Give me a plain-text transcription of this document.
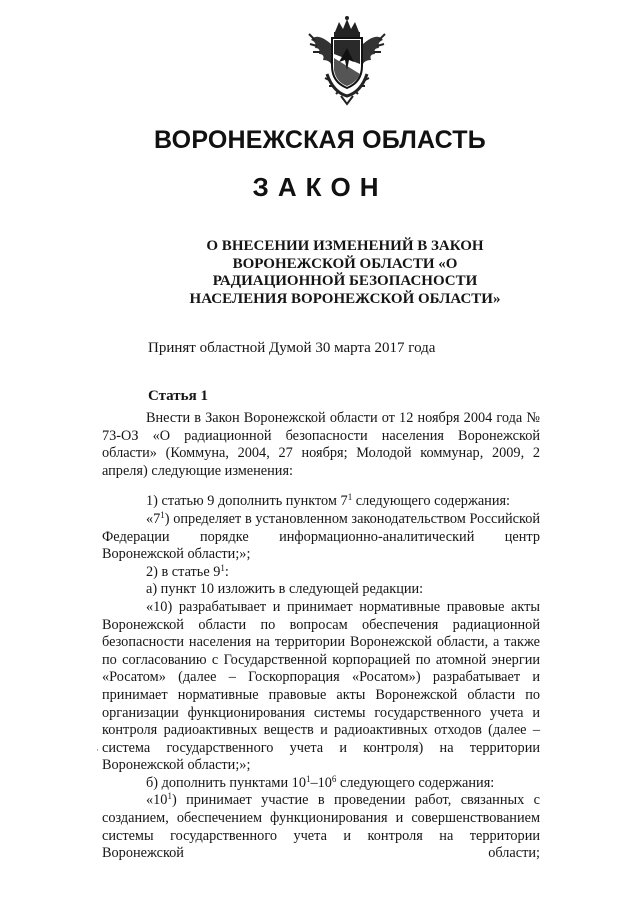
ВОРОНЕЖСКАЯ ОБЛАСТЬ
ЗАКОН
О ВНЕСЕНИИ ИЗМЕНЕНИЙ В ЗАКОН
ВОРОНЕЖСКОЙ ОБЛАСТИ «О
РАДИАЦИОННОЙ БЕЗОПАСНОСТИ
НАСЕЛЕНИЯ ВОРОНЕЖСКОЙ ОБЛАСТИ»
Принят областной Думой 30 марта 2017 года
Статья 1

Внести в Закон Воронежской области от 12 ноября 2004 года № 73-ОЗ «О радиационной безопасности населения Воронежской области» (Коммуна, 2004, 27 ноября; Молодой коммунар, 2009, 2 апреля) следующие изменения:

1) статью 9 дополнить пунктом $7^1$ следующего содержания:

«$7^1$) определяет в установленном законодательством Российской Федерации порядке информационно-аналитический центр Воронежской области;»;

2) в статье $9^1$:

а) пункт 10 изложить в следующей редакции:

«10) разрабатывает и принимает нормативные правовые акты Воронежской области по вопросам обеспечения радиационной безопасности населения на территории Воронежской области, а также по согласованию с Государственной корпорацией по атомной энергии «Росатом» (далее – Госкорпорация «Росатом») разрабатывает и принимает нормативные правовые акты Воронежской области по организации функционирования системы государственного учета и контроля радиоактивных веществ и радиоактивных отходов (далее – система государственного учета и контроля) на территории Воронежской области;»;

б) дополнить пунктами $10^1-10^6$ следующего содержания:

«$10^1$) принимает участие в проведении работ, связанных с созданием, обеспечением функционирования и совершенствованием системы государственного учета и контроля на территории Воронежской области;

·
